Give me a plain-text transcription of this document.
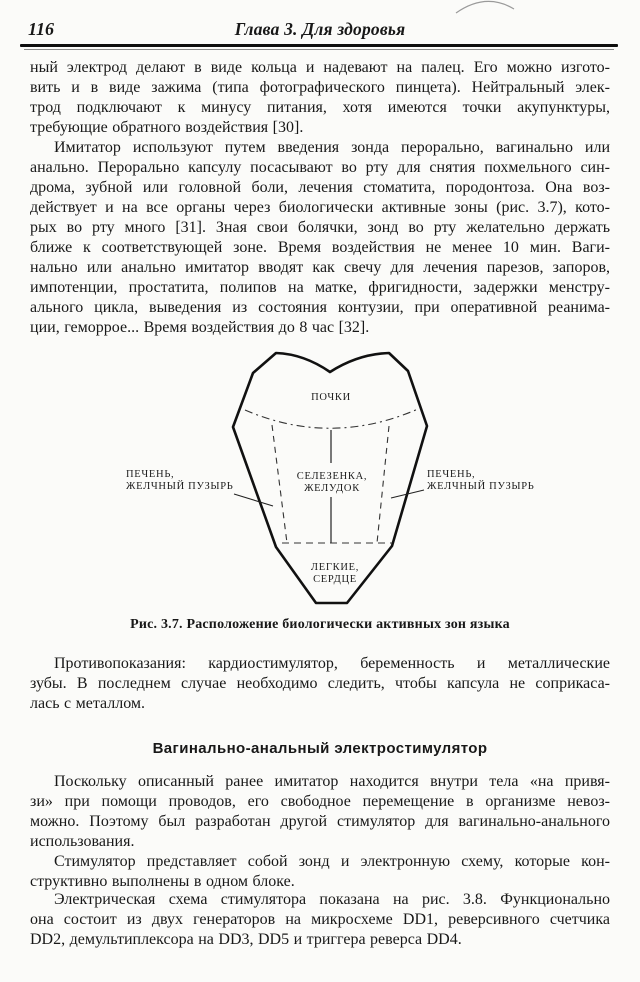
116	Глава 3. Для здоровья
ный электрод делают в виде кольца и надевают на палец. Его можно изгото-
вить и в виде зажима (типа фотографического пинцета). Нейтральный элек-
трод подключают к минусу питания, хотя имеются точки акупунктуры,
требующие обратного воздействия [30].
Имитатор используют путем введения зонда перорально, вагинально или
анально. Перорально капсулу посасывают во рту для снятия похмельного син-
дрома, зубной или головной боли, лечения стоматита, породонтоза. Она воз-
действует и на все органы через биологически активные зоны (рис. 3.7), кото-
рых во рту много [31]. Зная свои болячки, зонд во рту желательно держать
ближе к соответствующей зоне. Время воздействия не менее 10 мин. Ваги-
нально или анально имитатор вводят как свечу для лечения парезов, запоров,
импотенции, простатита, полипов на матке, фригидности, задержки менстру-
ального цикла, выведения из состояния контузии, при оперативной реанима-
ции, геморрое... Время воздействия до 8 час [32].
ПОЧКИ
СЕЛЕЗЕНКА,
ЖЕЛУДОК
ЛЕГКИЕ,
СЕРДЦЕ
ПЕЧЕНЬ,
ЖЕЛЧНЫЙ ПУЗЫРЬ
ПЕЧЕНЬ,
ЖЕЛЧНЫЙ ПУЗЫРЬ
Рис. 3.7. Расположение биологически активных зон языка
Противопоказания: кардиостимулятор, беременность и металлические
зубы. В последнем случае необходимо следить, чтобы капсула не соприкаса-
лась с металлом.
Вагинально-анальный электростимулятор
Поскольку описанный ранее имитатор находится внутри тела «на привя-
зи» при помощи проводов, его свободное перемещение в организме невоз-
можно. Поэтому был разработан другой стимулятор для вагинально-анального
использования.
Стимулятор представляет собой зонд и электронную схему, которые кон-
структивно выполнены в одном блоке.
Электрическая схема стимулятора показана на рис. 3.8. Функционально
она состоит из двух генераторов на микросхеме DD1, реверсивного счетчика
DD2, демультиплексора на DD3, DD5 и триггера реверса DD4.
